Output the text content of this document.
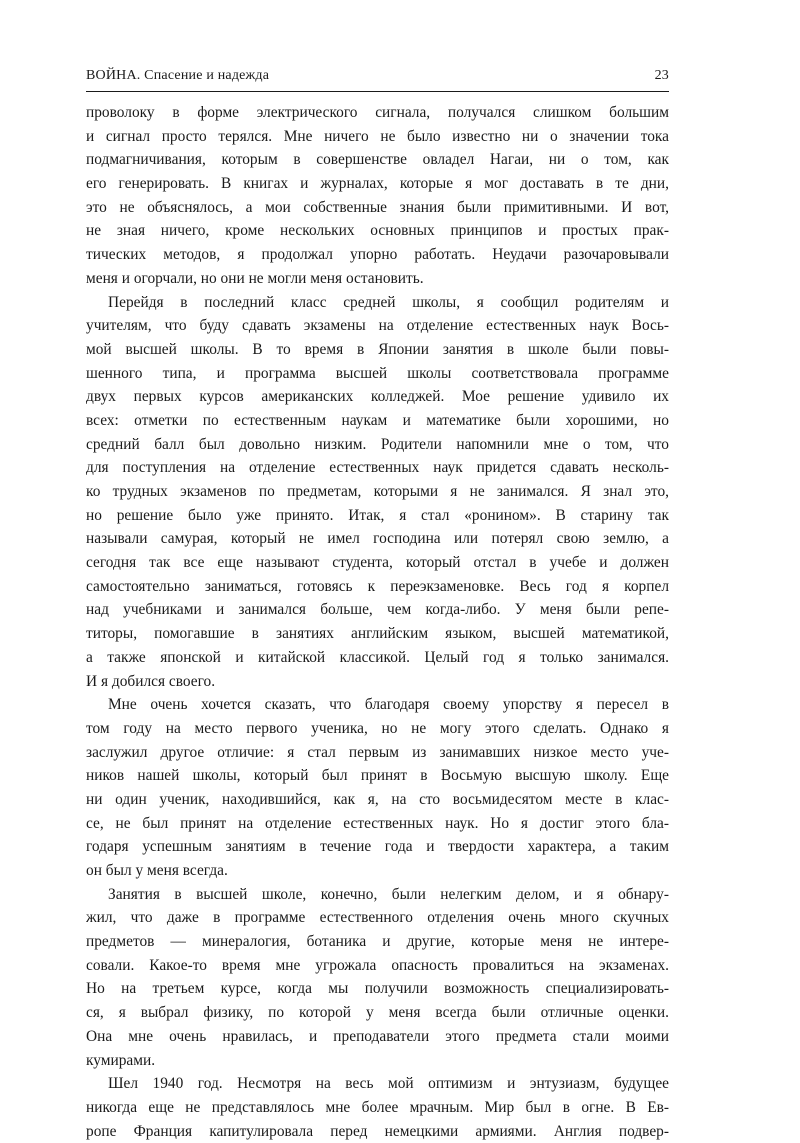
ВОЙНА. Спасение и надежда	23
проволоку в форме электрического сигнала, получался слишком большим
и сигнал просто терялся. Мне ничего не было известно ни о значении тока
подмагничивания, которым в совершенстве овладел Нагаи, ни о том, как
его генерировать. В книгах и журналах, которые я мог доставать в те дни,
это не объяснялось, а мои собственные знания были примитивными. И вот,
не зная ничего, кроме нескольких основных принципов и простых прак-
тических методов, я продолжал упорно работать. Неудачи разочаровывали
меня и огорчали, но они не могли меня остановить.
Перейдя в последний класс средней школы, я сообщил родителям и
учителям, что буду сдавать экзамены на отделение естественных наук Вось-
мой высшей школы. В то время в Японии занятия в школе были повы-
шенного типа, и программа высшей школы соответствовала программе
двух первых курсов американских колледжей. Мое решение удивило их
всех: отметки по естественным наукам и математике были хорошими, но
средний балл был довольно низким. Родители напомнили мне о том, что
для поступления на отделение естественных наук придется сдавать несколь-
ко трудных экзаменов по предметам, которыми я не занимался. Я знал это,
но решение было уже принято. Итак, я стал «ронином». В старину так
называли самурая, который не имел господина или потерял свою землю, а
сегодня так все еще называют студента, который отстал в учебе и должен
самостоятельно заниматься, готовясь к переэкзаменовке. Весь год я корпел
над учебниками и занимался больше, чем когда-либо. У меня были репе-
титоры, помогавшие в занятиях английским языком, высшей математикой,
а также японской и китайской классикой. Целый год я только занимался.
И я добился своего.
Мне очень хочется сказать, что благодаря своему упорству я пересел в
том году на место первого ученика, но не могу этого сделать. Однако я
заслужил другое отличие: я стал первым из занимавших низкое место уче-
ников нашей школы, который был принят в Восьмую высшую школу. Еще
ни один ученик, находившийся, как я, на сто восьмидесятом месте в клас-
се, не был принят на отделение естественных наук. Но я достиг этого бла-
годаря успешным занятиям в течение года и твердости характера, а таким
он был у меня всегда.
Занятия в высшей школе, конечно, были нелегким делом, и я обнару-
жил, что даже в программе естественного отделения очень много скучных
предметов — минералогия, ботаника и другие, которые меня не интере-
совали. Какое-то время мне угрожала опасность провалиться на экзаменах.
Но на третьем курсе, когда мы получили возможность специализировать-
ся, я выбрал физику, по которой у меня всегда были отличные оценки.
Она мне очень нравилась, и преподаватели этого предмета стали моими
кумирами.
Шел 1940 год. Несмотря на весь мой оптимизм и энтузиазм, будущее
никогда еще не представлялось мне более мрачным. Мир был в огне. В Ев-
ропе Франция капитулировала перед немецкими армиями. Англия подвер-
